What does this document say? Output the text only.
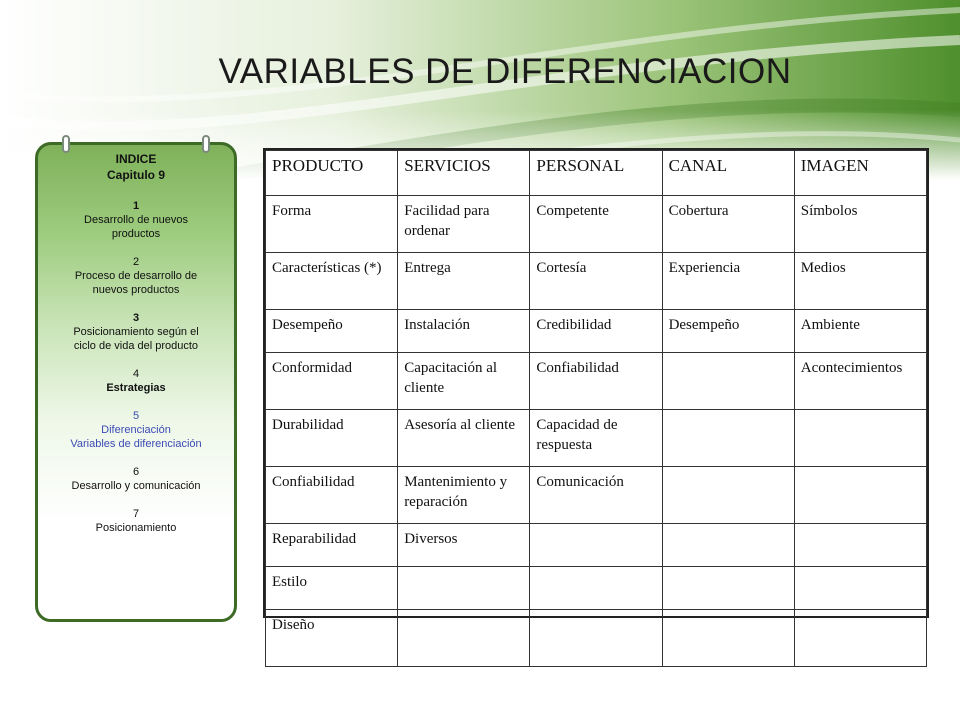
VARIABLES DE DIFERENCIACION
INDICE
Capitulo 9
1
Desarrollo de nuevos
productos
2
Proceso de desarrollo de
nuevos productos
3
Posicionamiento según el
ciclo de vida del producto
4
Estrategias
5
Diferenciación
Variables de diferenciación
6
Desarrollo y comunicación
7
Posicionamiento
PRODUCTO	SERVICIOS	PERSONAL	CANAL	IMAGEN
Forma	Facilidad para ordenar	Competente	Cobertura	Símbolos
Características (*)	Entrega	Cortesía	Experiencia	Medios
Desempeño	Instalación	Credibilidad	Desempeño	Ambiente
Conformidad	Capacitación al cliente	Confiabilidad		Acontecimientos
Durabilidad	Asesoría al cliente	Capacidad de respuesta		
Confiabilidad	Mantenimiento y reparación	Comunicación		
Reparabilidad	Diversos			
Estilo				
Diseño				
